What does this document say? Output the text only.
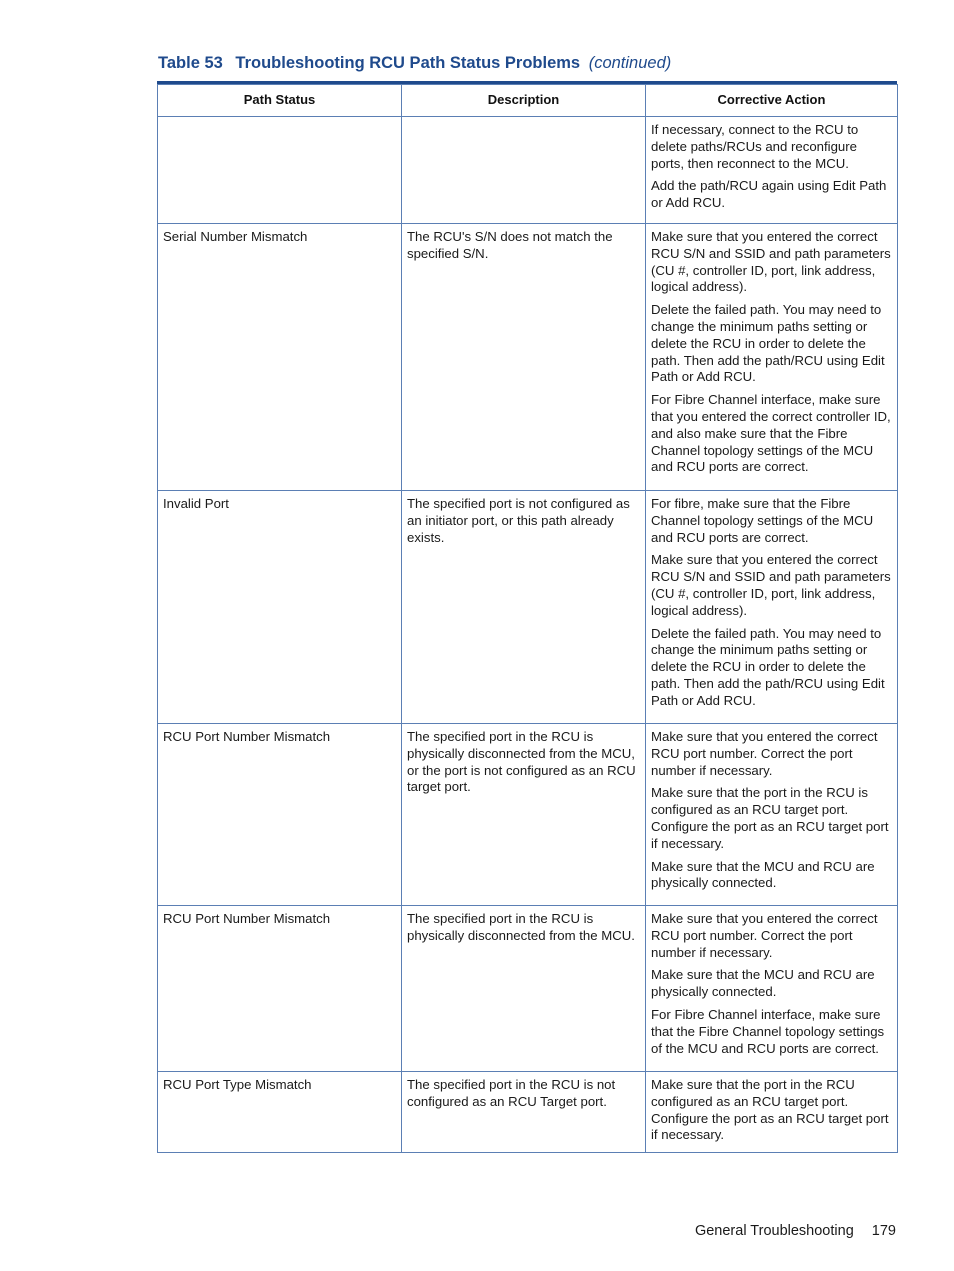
Table 53 Troubleshooting RCU Path Status Problems (continued)
Path Status	Description	Corrective Action

		If necessary, connect to the RCU to delete paths/RCUs and reconfigure ports, then reconnect to the MCU.

Add the path/RCU again using Edit Path or Add RCU.

Serial Number Mismatch	The RCU's S/N does not match the specified S/N.	Make sure that you entered the correct RCU S/N and SSID and path parameters (CU #, controller ID, port, link address, logical address).

Delete the failed path. You may need to change the minimum paths setting or delete the RCU in order to delete the path. Then add the path/RCU using Edit Path or Add RCU.

For Fibre Channel interface, make sure that you entered the correct controller ID, and also make sure that the Fibre Channel topology settings of the MCU and RCU ports are correct.

Invalid Port	The specified port is not configured as an initiator port, or this path already exists.	For fibre, make sure that the Fibre Channel topology settings of the MCU and RCU ports are correct.

Make sure that you entered the correct RCU S/N and SSID and path parameters (CU #, controller ID, port, link address, logical address).

Delete the failed path. You may need to change the minimum paths setting or delete the RCU in order to delete the path. Then add the path/RCU using Edit Path or Add RCU.

RCU Port Number Mismatch	The specified port in the RCU is physically disconnected from the MCU, or the port is not configured as an RCU target port.	Make sure that you entered the correct RCU port number. Correct the port number if necessary.

Make sure that the port in the RCU is configured as an RCU target port. Configure the port as an RCU target port if necessary.

Make sure that the MCU and RCU are physically connected.

RCU Port Number Mismatch	The specified port in the RCU is physically disconnected from the MCU.	Make sure that you entered the correct RCU port number. Correct the port number if necessary.

Make sure that the MCU and RCU are physically connected.

For Fibre Channel interface, make sure that the Fibre Channel topology settings of the MCU and RCU ports are correct.

RCU Port Type Mismatch	The specified port in the RCU is not configured as an RCU Target port.	Make sure that the port in the RCU configured as an RCU target port. Configure the port as an RCU target port if necessary.

General Troubleshooting 179
